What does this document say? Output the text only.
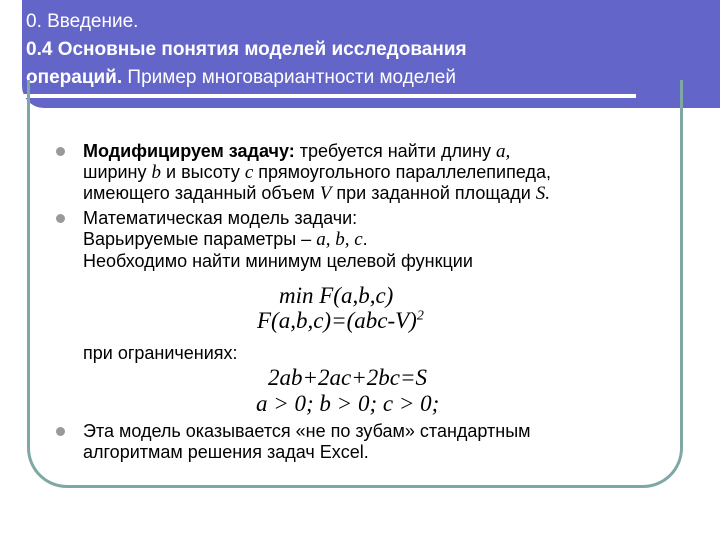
0. Введение.
0.4 Основные понятия моделей исследования
операций. Пример многовариантности моделей
Модифицируем задачу: требуется найти длину a,
ширину b и высоту c прямоугольного параллелепипеда,
имеющего заданный объем V при заданной площади S.
Математическая модель задачи:
Варьируемые параметры – a, b, c.
Необходимо найти минимум целевой функции
min F(a,b,c)
$F(a,b,c)=(abc-V)^2$
при ограничениях:
2ab+2ac+2bc=S
a > 0; b > 0; c > 0;
Эта модель оказывается «не по зубам» стандартным
алгоритмам решения задач Excel.
